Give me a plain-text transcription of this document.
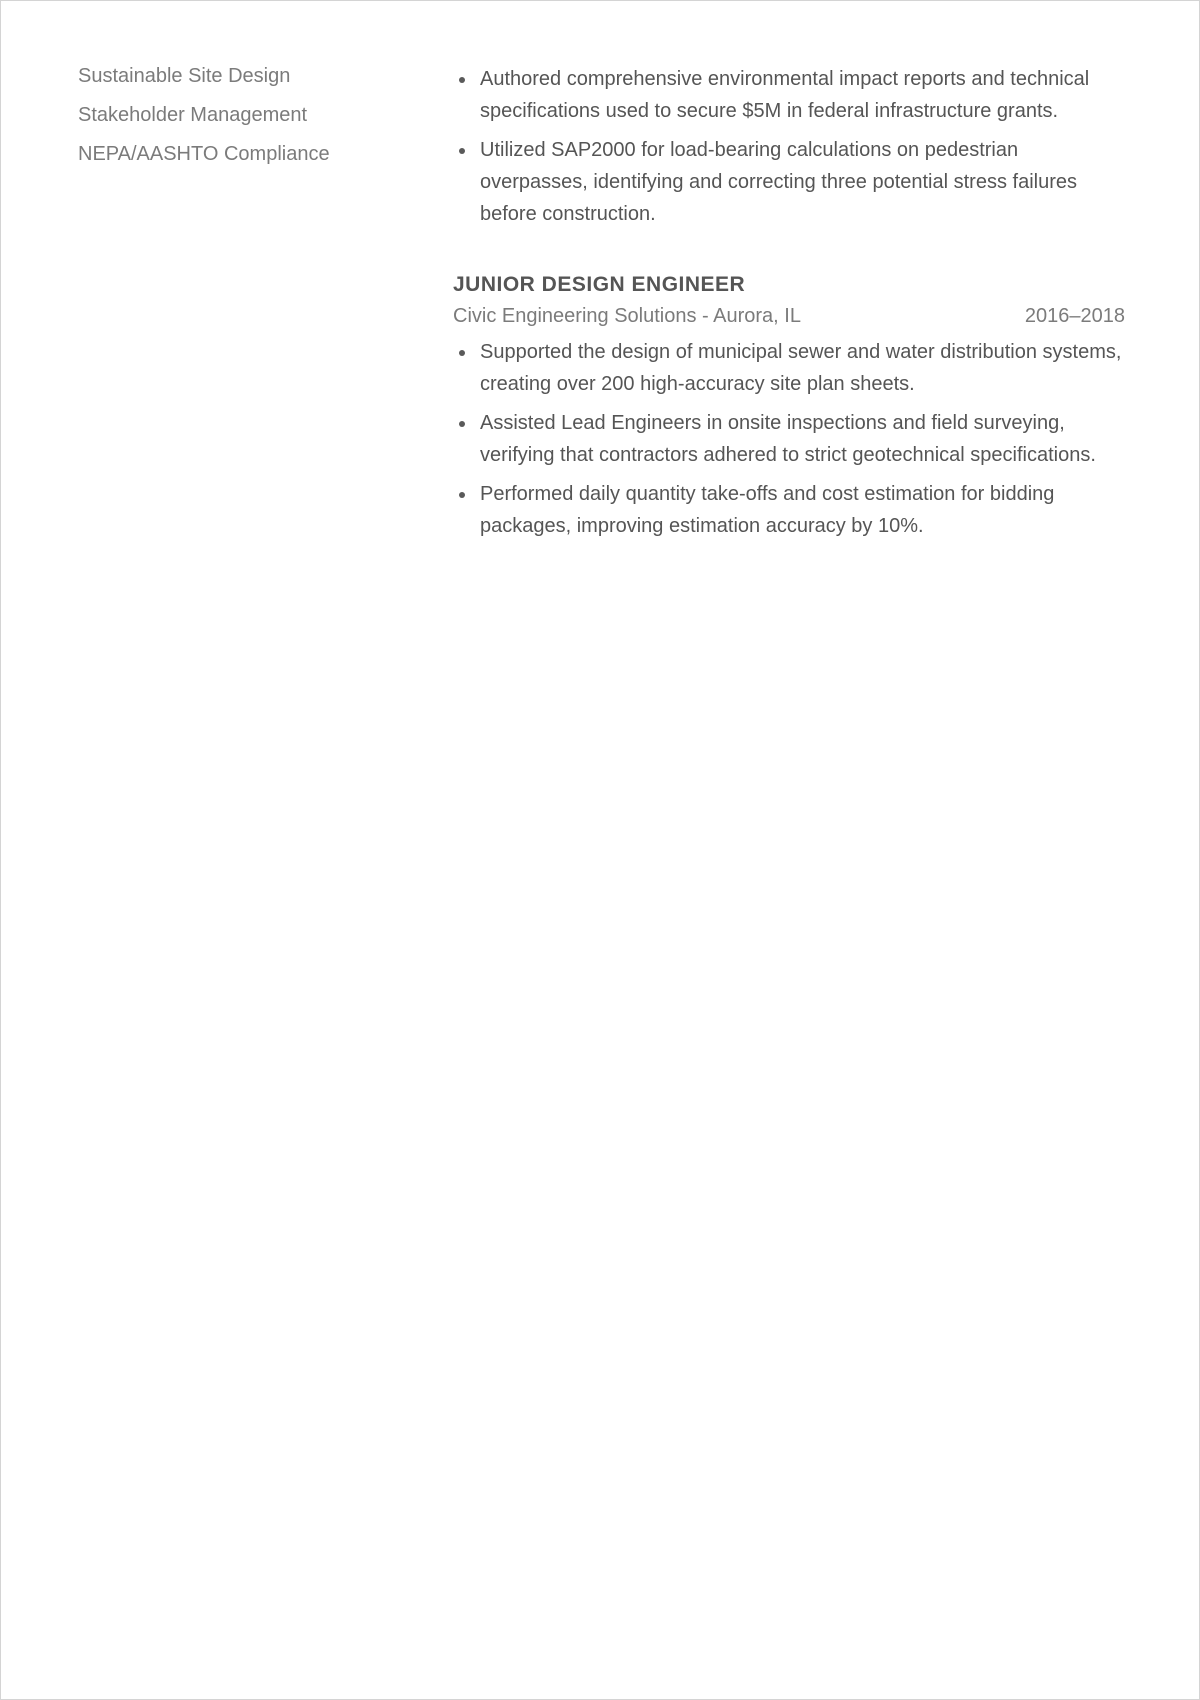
Sustainable Site Design

Stakeholder Management

NEPA/AASHTO Compliance

Authored comprehensive environmental impact reports and technical specifications used to secure $5M in federal infrastructure grants.
Utilized SAP2000 for load-bearing calculations on pedestrian overpasses, identifying and correcting three potential stress failures before construction.
JUNIOR DESIGN ENGINEER
Civic Engineering Solutions - Aurora, IL	2016–2018
Supported the design of municipal sewer and water distribution systems, creating over 200 high-accuracy site plan sheets.
Assisted Lead Engineers in onsite inspections and field surveying, verifying that contractors adhered to strict geotechnical specifications.
Performed daily quantity take-offs and cost estimation for bidding packages, improving estimation accuracy by 10%.
